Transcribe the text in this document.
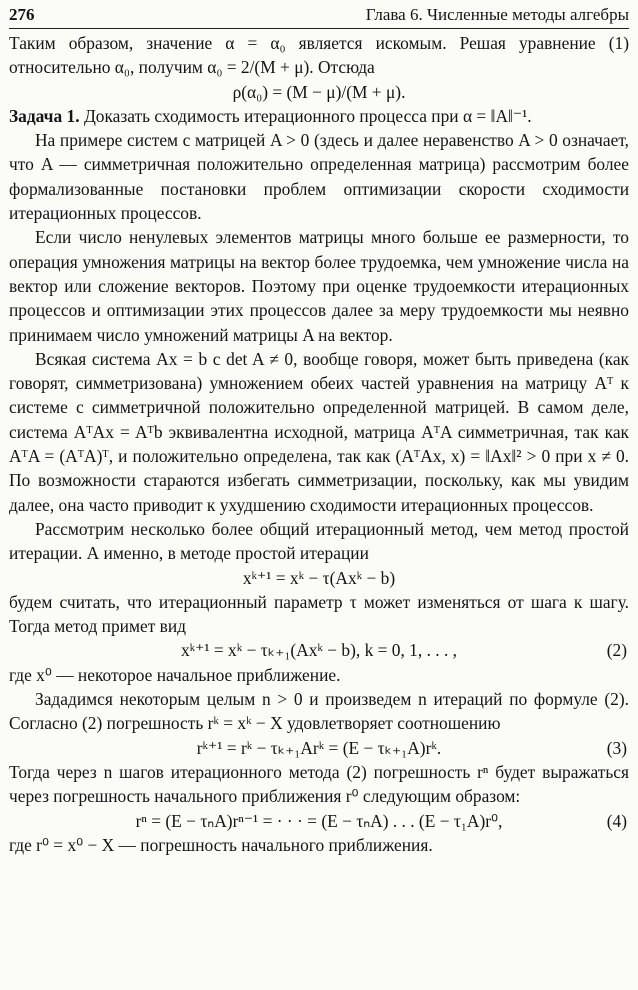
276	Глава 6. Численные методы алгебры

Таким образом, значение α = α₀ является искомым. Решая уравнение (1) относительно α₀, получим α₀ = 2/(M + μ). Отсюда

ρ(α₀) = (M − μ)/(M + μ).

Задача 1. Доказать сходимость итерационного процесса при α = ‖A‖⁻¹.

На примере систем с матрицей A > 0 (здесь и далее неравенство A > 0 означает, что A — симметричная положительно определенная матрица) рассмотрим более формализованные постановки проблем оптимизации скорости сходимости итерационных процессов.

Если число ненулевых элементов матрицы много больше ее размерности, то операция умножения матрицы на вектор более трудоемка, чем умножение числа на вектор или сложение векторов. Поэтому при оценке трудоемкости итерационных процессов и оптимизации этих процессов далее за меру трудоемкости мы неявно принимаем число умножений матрицы A на вектор.

Всякая система Ax = b с det A ≠ 0, вообще говоря, может быть приведена (как говорят, симметризована) умножением обеих частей уравнения на матрицу Aᵀ к системе с симметричной положительно определенной матрицей. В самом деле, система AᵀAx = Aᵀb эквивалентна исходной, матрица AᵀA симметричная, так как AᵀA = (AᵀA)ᵀ, и положительно определена, так как (AᵀAx, x) = ‖Ax‖² > 0 при x ≠ 0. По возможности стараются избегать симметризации, поскольку, как мы увидим далее, она часто приводит к ухудшению сходимости итерационных процессов.

Рассмотрим несколько более общий итерационный метод, чем метод простой итерации. А именно, в методе простой итерации

xᵏ⁺¹ = xᵏ − τ(Axᵏ − b)

будем считать, что итерационный параметр τ может изменяться от шага к шагу. Тогда метод примет вид

xᵏ⁺¹ = xᵏ − τₖ₊₁(Axᵏ − b), k = 0, 1, . . . ,	(2)

где x⁰ — некоторое начальное приближение.

Зададимся некоторым целым n > 0 и произведем n итераций по формуле (2). Согласно (2) погрешность rᵏ = xᵏ − X удовлетворяет соотношению

rᵏ⁺¹ = rᵏ − τₖ₊₁Arᵏ = (E − τₖ₊₁A)rᵏ.	(3)

Тогда через n шагов итерационного метода (2) погрешность rⁿ будет выражаться через погрешность начального приближения r⁰ следующим образом:

rⁿ = (E − τₙA)rⁿ⁻¹ = · · · = (E − τₙA) . . . (E − τ₁A)r⁰,	(4)

где r⁰ = x⁰ − X — погрешность начального приближения.
